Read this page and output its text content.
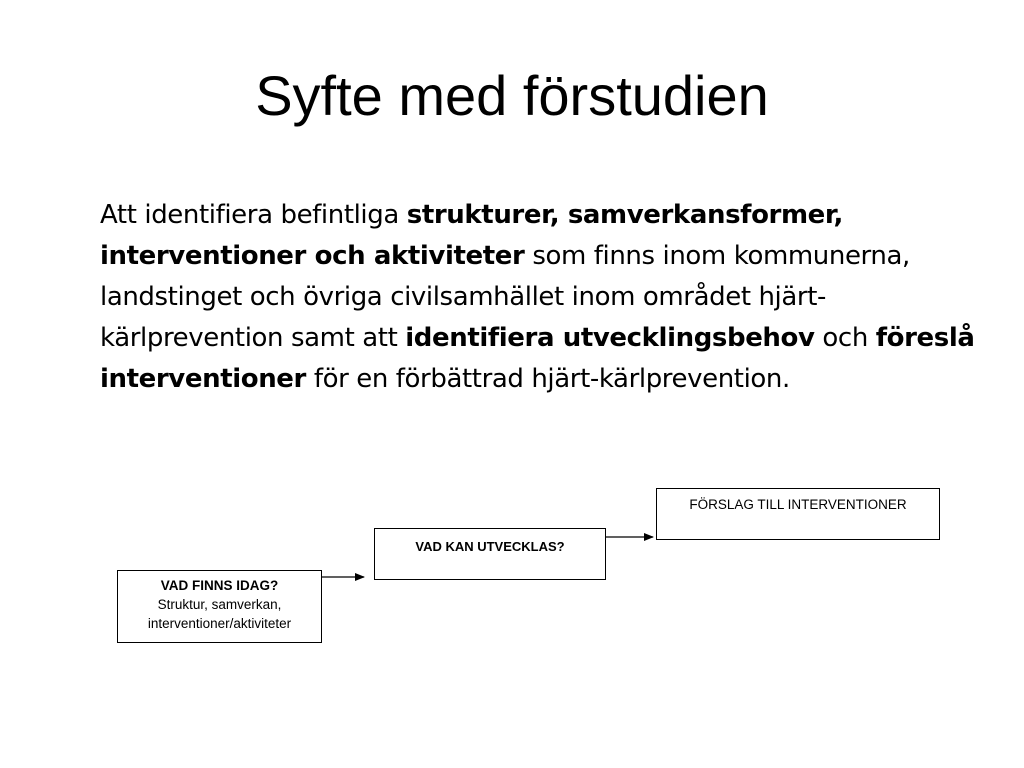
Syfte med förstudien
Att identifiera befintliga strukturer, samverkansformer, interventioner och aktiviteter som finns inom kommunerna, landstinget och övriga civilsamhället inom området hjärt-kärlprevention samt att identifiera utvecklingsbehov och föreslå interventioner för en förbättrad hjärt-kärlprevention.
VAD FINNS IDAG?
Struktur, samverkan,
interventioner/aktiviteter
VAD KAN UTVECKLAS?
FÖRSLAG TILL INTERVENTIONER
